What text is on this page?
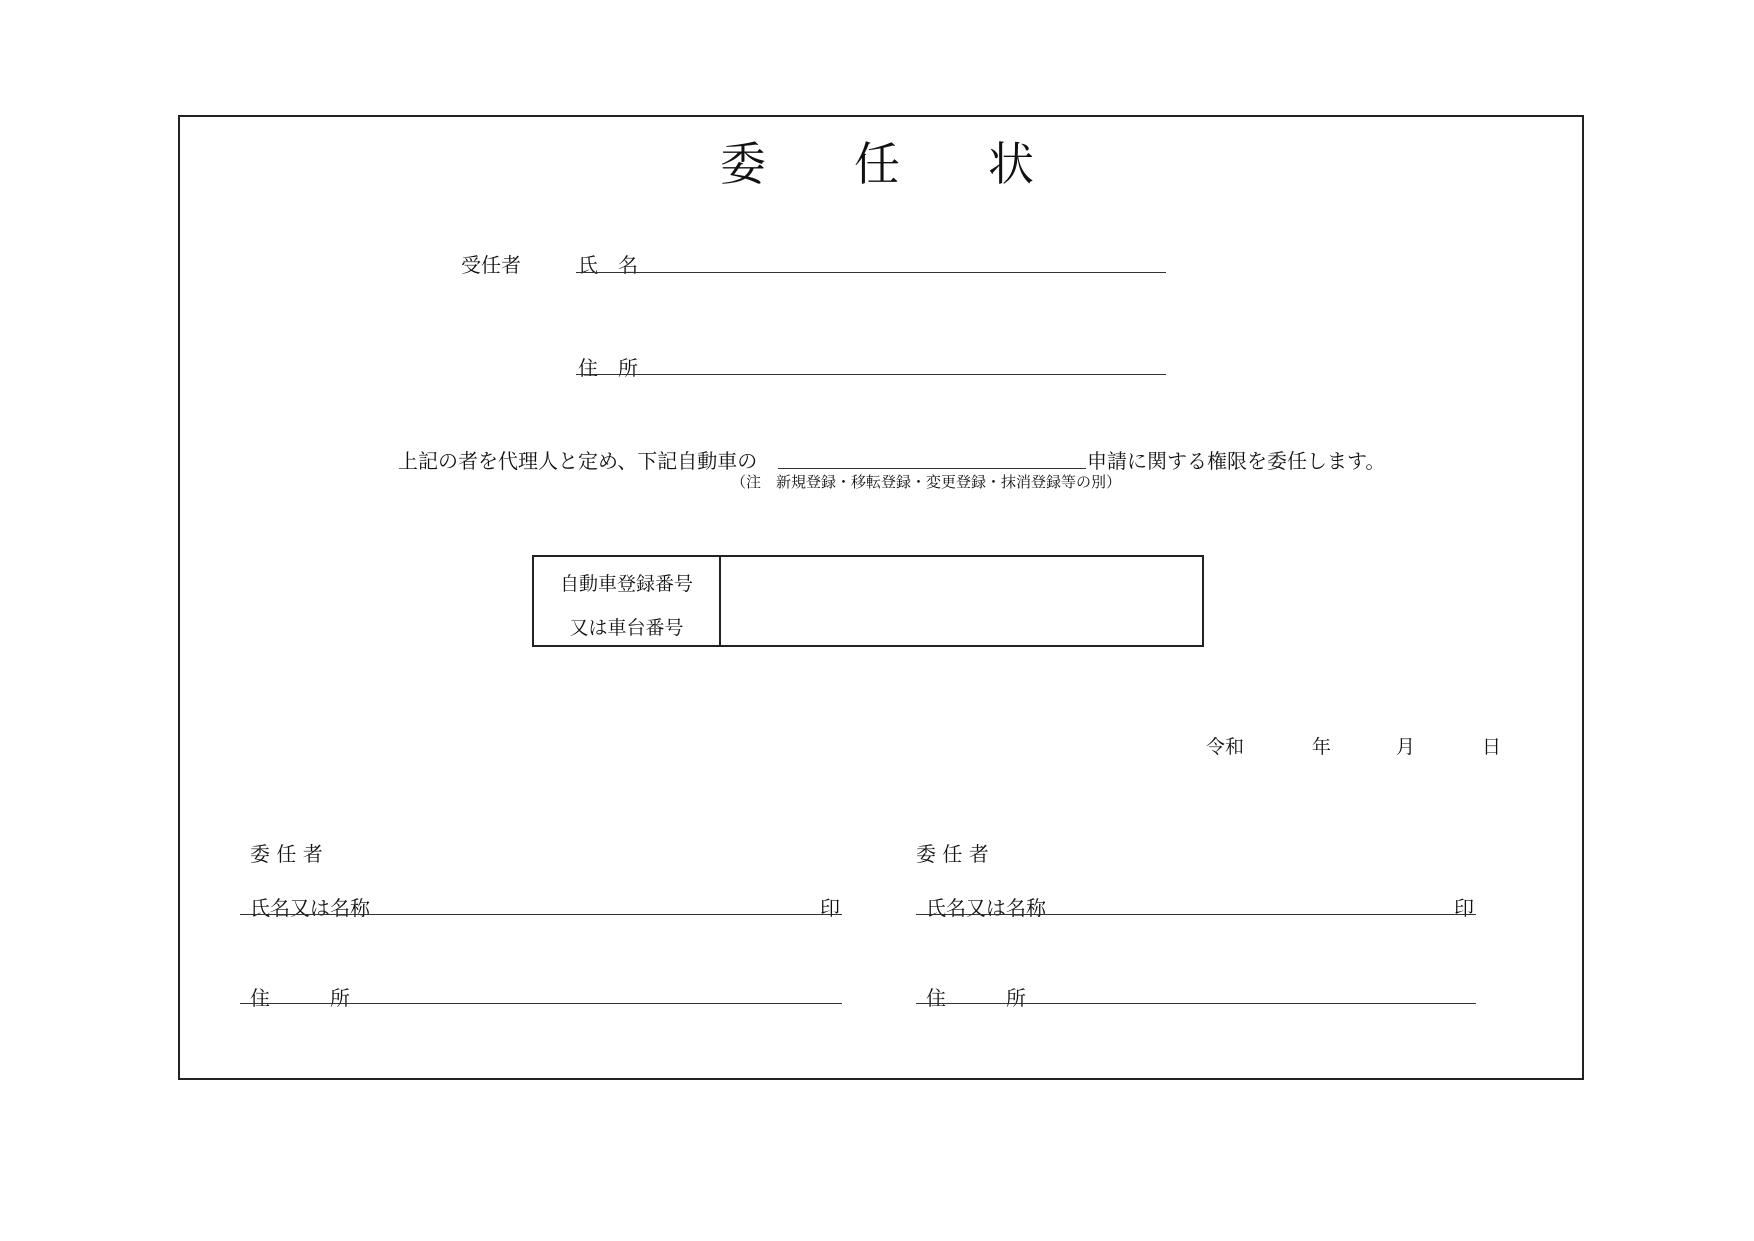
委 任 状
受任者	氏　名
住　所
上記の者を代理人と定め、下記自動車の	申請に関する権限を委任します。
（注　新規登録・移転登録・変更登録・抹消登録等の別）
自動車登録番号
又は車台番号
令和	年	月	日
委 任 者
氏名又は名称	印
住　　　所
委 任 者
氏名又は名称	印
住　　　所
